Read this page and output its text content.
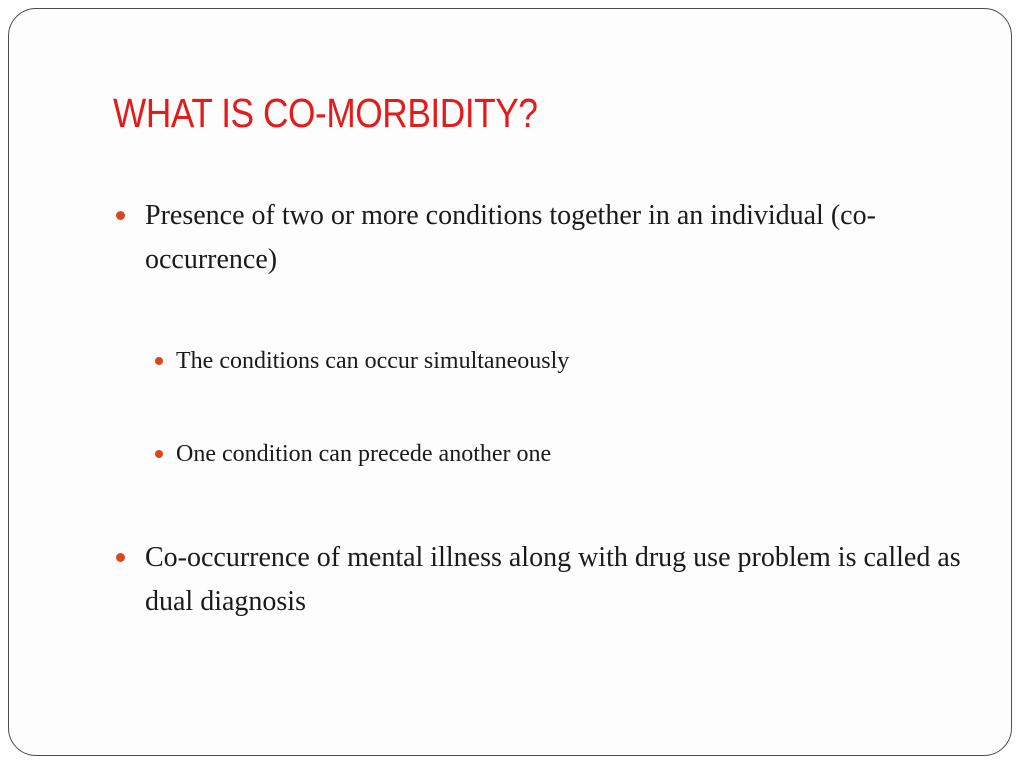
WHAT IS CO-MORBIDITY?
Presence of two or more conditions together in an individual (co-occurrence)
The conditions can occur simultaneously
One condition can precede another one
Co-occurrence of mental illness along with drug use problem is called as dual diagnosis
